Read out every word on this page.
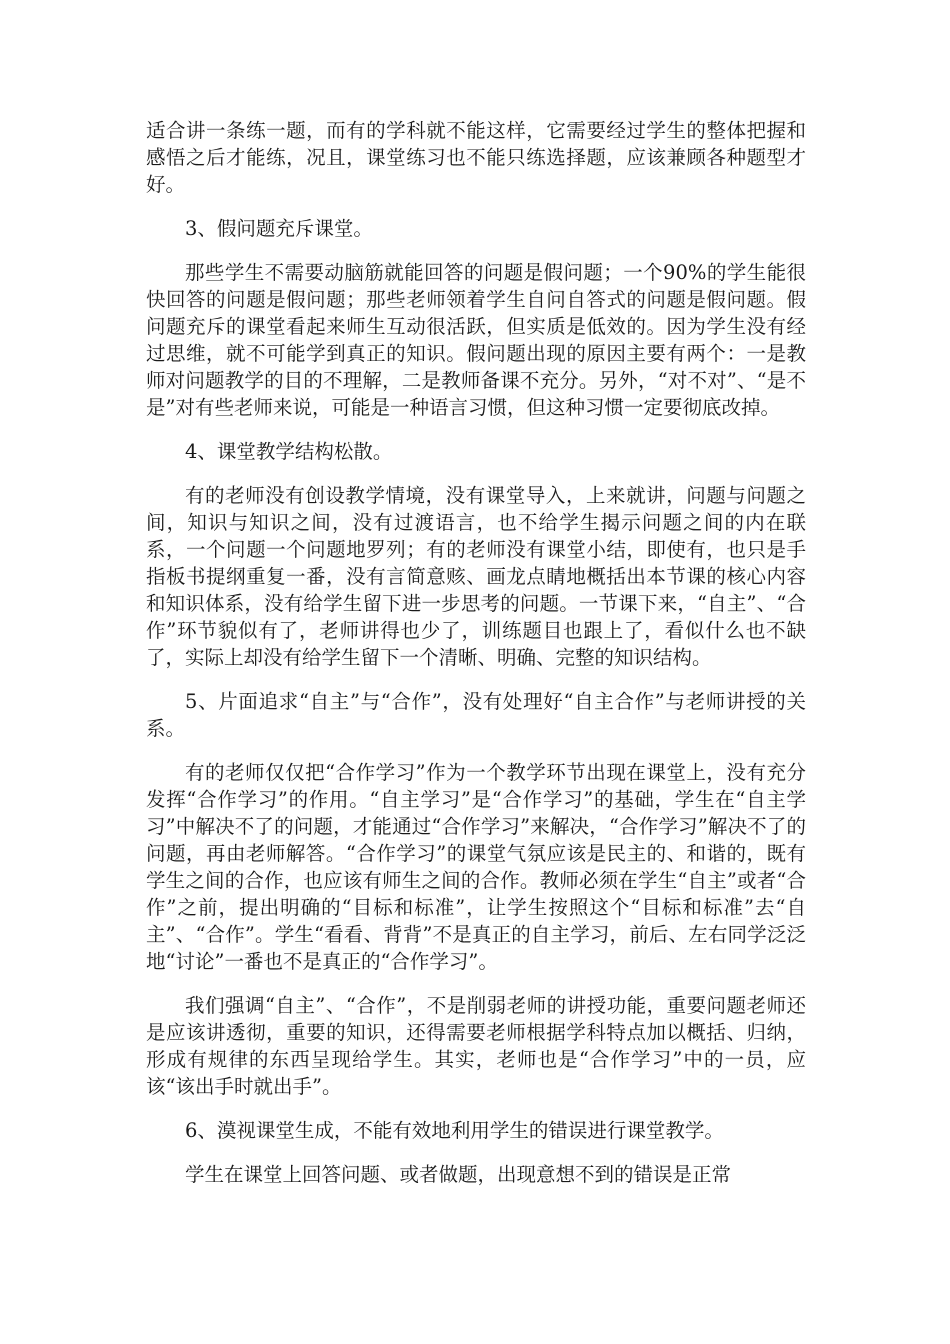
适合讲一条练一题，而有的学科就不能这样，它需要经过学生的整体把握和感悟之后才能练，况且，课堂练习也不能只练选择题，应该兼顾各种题型才好。

3、假问题充斥课堂。

那些学生不需要动脑筋就能回答的问题是假问题；一个90%的学生能很快回答的问题是假问题；那些老师领着学生自问自答式的问题是假问题。假问题充斥的课堂看起来师生互动很活跃，但实质是低效的。因为学生没有经过思维，就不可能学到真正的知识。假问题出现的原因主要有两个：一是教师对问题教学的目的不理解，二是教师备课不充分。另外，“对不对”、“是不是”对有些老师来说，可能是一种语言习惯，但这种习惯一定要彻底改掉。

4、课堂教学结构松散。

有的老师没有创设教学情境，没有课堂导入，上来就讲，问题与问题之间，知识与知识之间，没有过渡语言，也不给学生揭示问题之间的内在联系，一个问题一个问题地罗列；有的老师没有课堂小结，即使有，也只是手指板书提纲重复一番，没有言简意赅、画龙点睛地概括出本节课的核心内容和知识体系，没有给学生留下进一步思考的问题。一节课下来，“自主”、“合作”环节貌似有了，老师讲得也少了，训练题目也跟上了，看似什么也不缺了，实际上却没有给学生留下一个清晰、明确、完整的知识结构。

5、片面追求“自主”与“合作”，没有处理好“自主合作”与老师讲授的关系。

有的老师仅仅把“合作学习”作为一个教学环节出现在课堂上，没有充分发挥“合作学习”的作用。“自主学习”是“合作学习”的基础，学生在“自主学习”中解决不了的问题，才能通过“合作学习”来解决，“合作学习”解决不了的问题，再由老师解答。“合作学习”的课堂气氛应该是民主的、和谐的，既有学生之间的合作，也应该有师生之间的合作。教师必须在学生“自主”或者“合作”之前，提出明确的“目标和标准”，让学生按照这个“目标和标准”去“自主”、“合作”。学生“看看、背背”不是真正的自主学习，前后、左右同学泛泛地“讨论”一番也不是真正的“合作学习”。

我们强调“自主”、“合作”，不是削弱老师的讲授功能，重要问题老师还是应该讲透彻，重要的知识，还得需要老师根据学科特点加以概括、归纳，形成有规律的东西呈现给学生。其实，老师也是“合作学习”中的一员，应该“该出手时就出手”。

6、漠视课堂生成，不能有效地利用学生的错误进行课堂教学。

学生在课堂上回答问题、或者做题，出现意想不到的错误是正常
